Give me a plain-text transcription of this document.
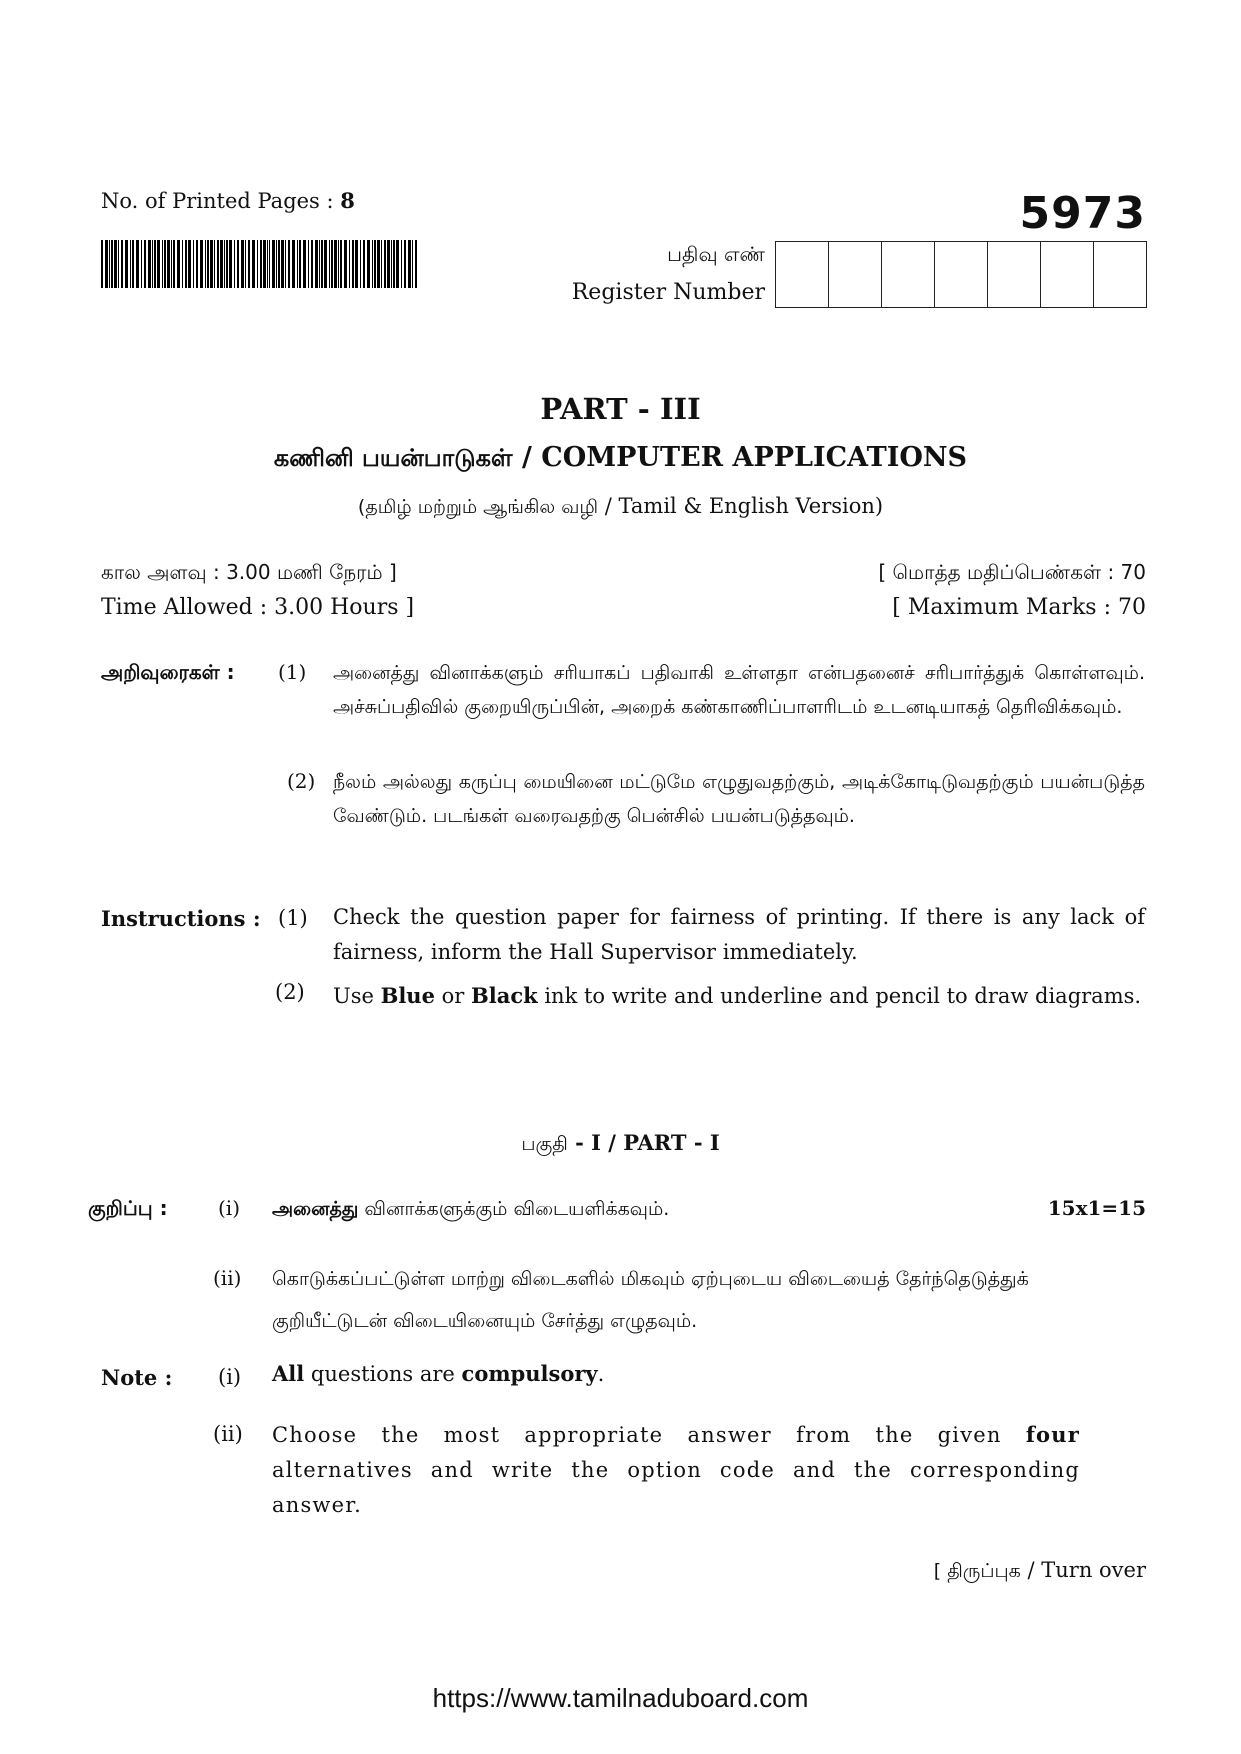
No. of Printed Pages : 8	5973
பதிவு எண்
Register Number
PART - III
கணினி பயன்பாடுகள் / COMPUTER APPLICATIONS
(தமிழ் மற்றும் ஆங்கில வழி / Tamil & English Version)
கால அளவு : 3.00 மணி நேரம் ]
Time Allowed : 3.00 Hours ]
[ மொத்த மதிப்பெண்கள் : 70
[ Maximum Marks : 70
அறிவுரைகள் : (1) அனைத்து வினாக்களும் சரியாகப் பதிவாகி உள்ளதா என்பதனைச் சரிபார்த்துக் கொள்ளவும். அச்சுப்பதிவில் குறையிருப்பின், அறைக் கண்காணிப்பாளரிடம் உடனடியாகத் தெரிவிக்கவும்.
(2) நீலம் அல்லது கருப்பு மையினை மட்டுமே எழுதுவதற்கும், அடிக்கோடிடுவதற்கும் பயன்படுத்த வேண்டும். படங்கள் வரைவதற்கு பென்சில் பயன்படுத்தவும்.
Instructions : (1) Check the question paper for fairness of printing. If there is any lack of fairness, inform the Hall Supervisor immediately.
(2) Use Blue or Black ink to write and underline and pencil to draw diagrams.
பகுதி - I / PART - I
குறிப்பு :	(i) அனைத்து வினாக்களுக்கும் விடையளிக்கவும்.	15x1=15
(ii) கொடுக்கப்பட்டுள்ள மாற்று விடைகளில் மிகவும் ஏற்புடைய விடையைத் தேர்ந்தெடுத்துக் குறியீட்டுடன் விடையினையும் சேர்த்து எழுதவும்.
Note : (i) All questions are compulsory.
(ii) Choose the most appropriate answer from the given four alternatives and write the option code and the corresponding answer.
[ திருப்புக / Turn over
https://www.tamilnaduboard.com
